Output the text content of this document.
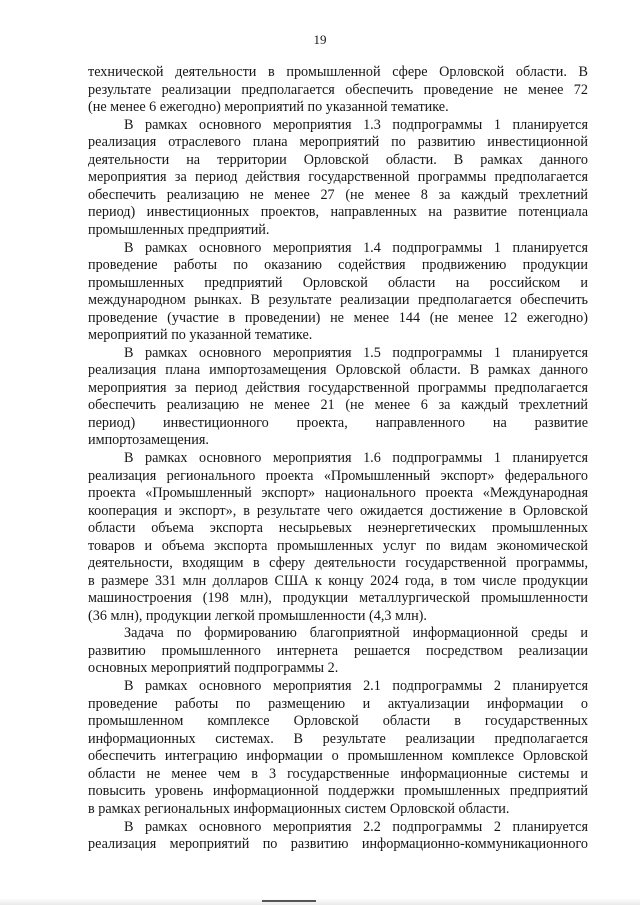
19
технической деятельности в промышленной сфере Орловской области. В
результате реализации предполагается обеспечить проведение не менее 72
(не менее 6 ежегодно) мероприятий по указанной тематике.
В рамках основного мероприятия 1.3 подпрограммы 1 планируется
реализация отраслевого плана мероприятий по развитию инвестиционной
деятельности на территории Орловской области. В рамках данного
мероприятия за период действия государственной программы предполагается
обеспечить реализацию не менее 27 (не менее 8 за каждый трехлетний
период) инвестиционных проектов, направленных на развитие потенциала
промышленных предприятий.
В рамках основного мероприятия 1.4 подпрограммы 1 планируется
проведение работы по оказанию содействия продвижению продукции
промышленных предприятий Орловской области на российском и
международном рынках. В результате реализации предполагается обеспечить
проведение (участие в проведении) не менее 144 (не менее 12 ежегодно)
мероприятий по указанной тематике.
В рамках основного мероприятия 1.5 подпрограммы 1 планируется
реализация плана импортозамещения Орловской области. В рамках данного
мероприятия за период действия государственной программы предполагается
обеспечить реализацию не менее 21 (не менее 6 за каждый трехлетний
период) инвестиционного проекта, направленного на развитие
импортозамещения.
В рамках основного мероприятия 1.6 подпрограммы 1 планируется
реализация регионального проекта «Промышленный экспорт» федерального
проекта «Промышленный экспорт» национального проекта «Международная
кооперация и экспорт», в результате чего ожидается достижение в Орловской
области объема экспорта несырьевых неэнергетических промышленных
товаров и объема экспорта промышленных услуг по видам экономической
деятельности, входящим в сферу деятельности государственной программы,
в размере 331 млн долларов США к концу 2024 года, в том числе продукции
машиностроения (198 млн), продукции металлургической промышленности
(36 млн), продукции легкой промышленности (4,3 млн).
Задача по формированию благоприятной информационной среды и
развитию промышленного интернета решается посредством реализации
основных мероприятий подпрограммы 2.
В рамках основного мероприятия 2.1 подпрограммы 2 планируется
проведение работы по размещению и актуализации информации о
промышленном комплексе Орловской области в государственных
информационных системах. В результате реализации предполагается
обеспечить интеграцию информации о промышленном комплексе Орловской
области не менее чем в 3 государственные информационные системы и
повысить уровень информационной поддержки промышленных предприятий
в рамках региональных информационных систем Орловской области.
В рамках основного мероприятия 2.2 подпрограммы 2 планируется
реализация мероприятий по развитию информационно-коммуникационного
